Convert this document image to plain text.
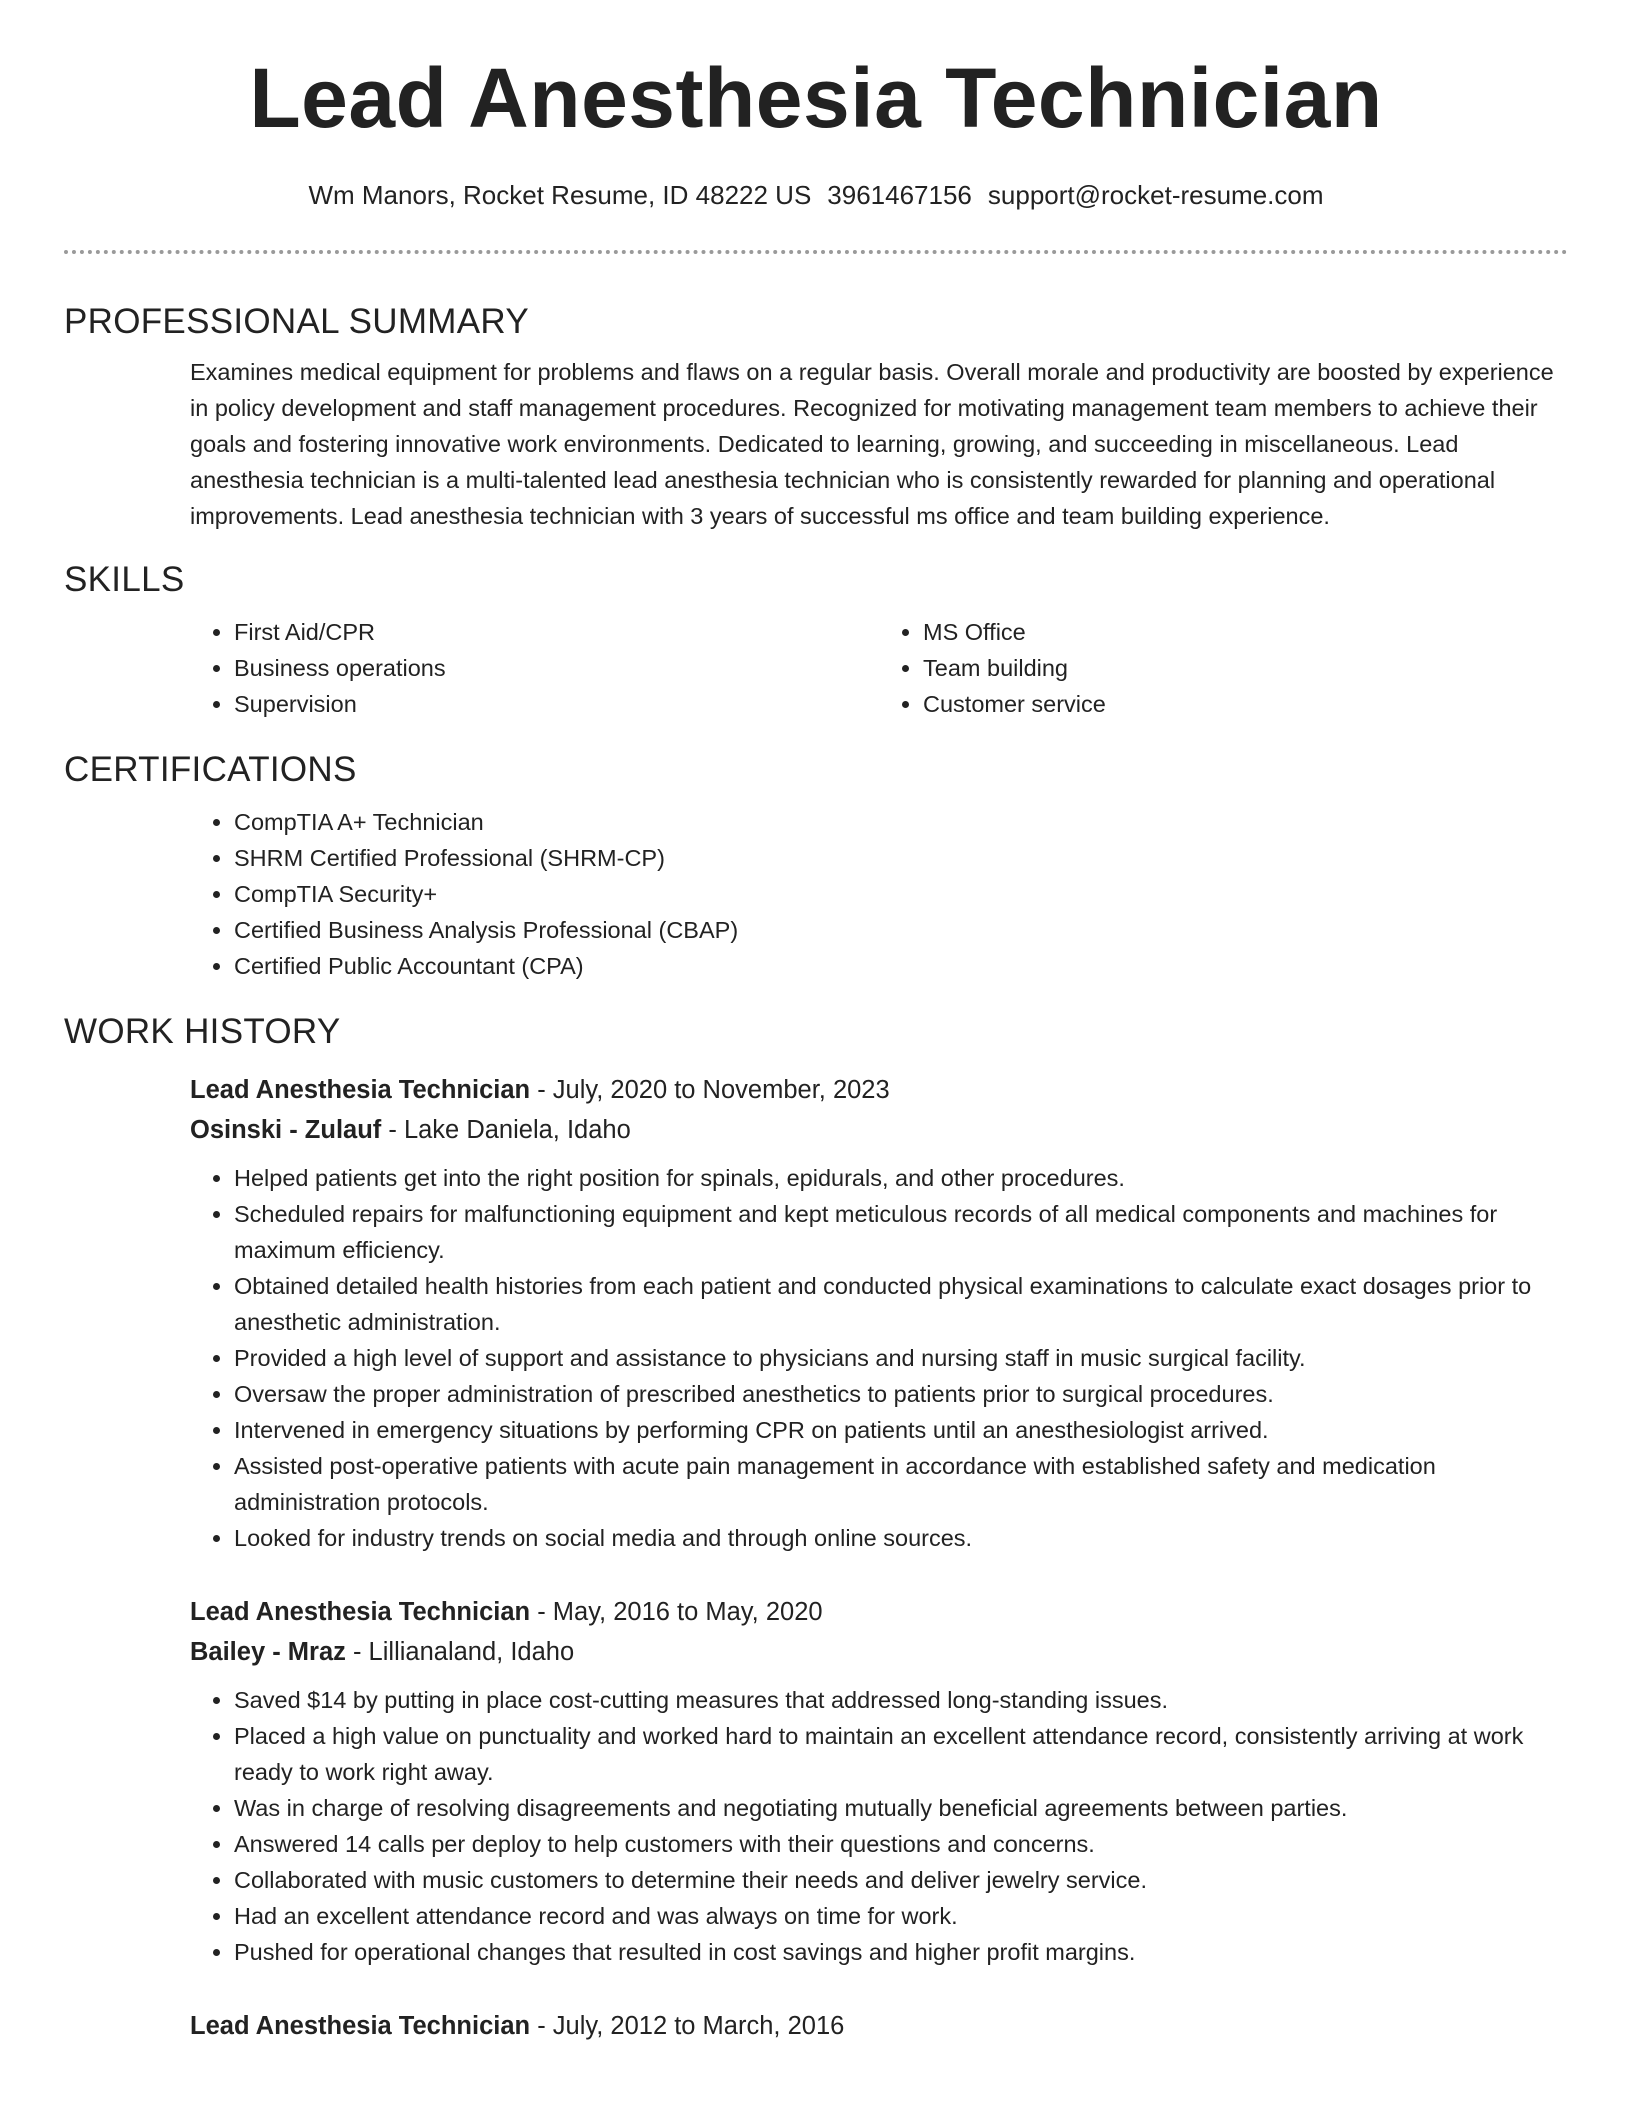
Lead Anesthesia Technician
Wm Manors, Rocket Resume, ID 48222 US 3961467156 support@rocket-resume.com
PROFESSIONAL SUMMARY
Examines medical equipment for problems and flaws on a regular basis. Overall morale and productivity are boosted by experience in policy development and staff management procedures. Recognized for motivating management team members to achieve their goals and fostering innovative work environments. Dedicated to learning, growing, and succeeding in miscellaneous. Lead anesthesia technician is a multi-talented lead anesthesia technician who is consistently rewarded for planning and operational improvements. Lead anesthesia technician with 3 years of successful ms office and team building experience.
SKILLS
• First Aid/CPR
• Business operations
• Supervision
• MS Office
• Team building
• Customer service
CERTIFICATIONS
• CompTIA A+ Technician
• SHRM Certified Professional (SHRM-CP)
• CompTIA Security+
• Certified Business Analysis Professional (CBAP)
• Certified Public Accountant (CPA)
WORK HISTORY
Lead Anesthesia Technician - July, 2020 to November, 2023
Osinski - Zulauf - Lake Daniela, Idaho
• Helped patients get into the right position for spinals, epidurals, and other procedures.
• Scheduled repairs for malfunctioning equipment and kept meticulous records of all medical components and machines for maximum efficiency.
• Obtained detailed health histories from each patient and conducted physical examinations to calculate exact dosages prior to anesthetic administration.
• Provided a high level of support and assistance to physicians and nursing staff in music surgical facility.
• Oversaw the proper administration of prescribed anesthetics to patients prior to surgical procedures.
• Intervened in emergency situations by performing CPR on patients until an anesthesiologist arrived.
• Assisted post-operative patients with acute pain management in accordance with established safety and medication administration protocols.
• Looked for industry trends on social media and through online sources.
Lead Anesthesia Technician - May, 2016 to May, 2020
Bailey - Mraz - Lillianaland, Idaho
• Saved $14 by putting in place cost-cutting measures that addressed long-standing issues.
• Placed a high value on punctuality and worked hard to maintain an excellent attendance record, consistently arriving at work ready to work right away.
• Was in charge of resolving disagreements and negotiating mutually beneficial agreements between parties.
• Answered 14 calls per deploy to help customers with their questions and concerns.
• Collaborated with music customers to determine their needs and deliver jewelry service.
• Had an excellent attendance record and was always on time for work.
• Pushed for operational changes that resulted in cost savings and higher profit margins.
Lead Anesthesia Technician - July, 2012 to March, 2016
